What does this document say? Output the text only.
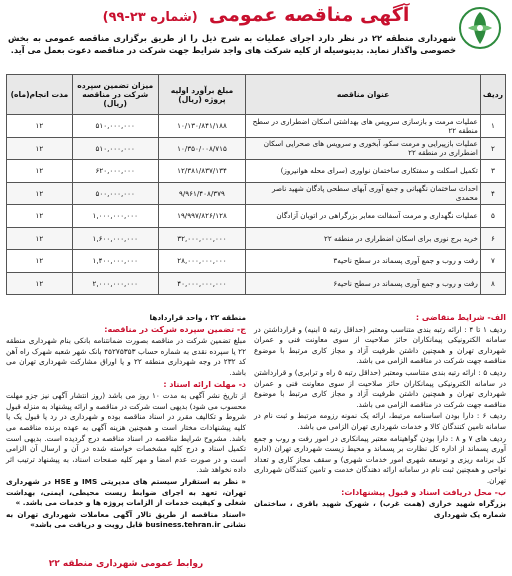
آگهی مناقصه عمومی (شماره ۲۳-۹۹)
شهرداری منطقه ۲۲ در نظر دارد اجرای عملیات به شرح ذیل را از طریق برگزاری مناقصه عمومی به بخش خصوصی واگذار نماید. بدینوسیله از کلیه شرکت های واجد شرایط جهت شرکت در مناقصه دعوت بعمل می آید.
ردیف	عنوان مناقصه	مبلغ برآورد اولیه پروژه (ریال)	میزان تضمین سپرده شرکت در مناقصه (ریال)	مدت انجام(ماه)
۱	عملیات مرمت و بازسازی سرویس های بهداشتی اسکان اضطراری در سطح منطقه ۲۲	۱۰/۱۳۰/۸۴۱/۱۸۸	۵۱۰,۰۰۰,۰۰۰	۱۲
۲	عملیات بازپیرایی و مرمت سکو، آبخوری و سرویس های صحرایی اسکان اضطراری در منطقه ۲۲	۱۰/۳۵۰/۰۰۸/۷۱۵	۵۱۰,۰۰۰,۰۰۰	۱۲
۳	تکمیل اسکلت و سفتکاری ساختمان نواوری (سرای محله هوانیروز)	۱۲/۳۸۱/۸۳۷/۱۳۴	۶۲۰,۰۰۰,۰۰۰	۱۲
۴	احداث ساختمان نگهبانی و جمع آوری آبهای سطحی پادگان شهید ناصر محمدی	۹/۹۶۱/۴۰۸/۳۷۹	۵۰۰,۰۰۰,۰۰۰	۱۲
۵	عملیات نگهداری و مرمت آسفالت معابر بزرگراهی در اتوبان آزادگان	۱۹/۹۹۷/۸۲۶/۱۲۸	۱,۰۰۰,۰۰۰,۰۰۰	۱۲
۶	خرید برج نوری برای اسکان اضطراری در منطقه ۲۲	۳۲,۰۰۰,۰۰۰,۰۰۰	۱,۶۰۰,۰۰۰,۰۰۰	۱۲
۷	رفت و روب و جمع آوری پسماند در سطح ناحیه۳	۲۸,۰۰۰,۰۰۰,۰۰۰	۱,۴۰۰,۰۰۰,۰۰۰	۱۲
۸	رفت و روب و جمع آوری پسماند در سطح ناحیه۶	۴۰,۰۰۰,۰۰۰,۰۰۰	۲,۰۰۰,۰۰۰,۰۰۰	۱۲
الف- شرایط متقاضی :
ردیف ۱ تا ۴ : ارائه رتبه بندی متناسب ومعتبر (حداقل رتبه ۵ ابنیه) و قرارداشتن در سامانه الکترونیکی پیمانکاران حائز صلاحیت از سوی معاونت فنی و عمران شهرداری تهران و همچنین داشتن ظرفیت آزاد و مجاز کاری مرتبط با موضوع مناقصه جهت شرکت در مناقصه الزامی می باشد.
ردیف ۵ : ارائه رتبه بندی متناسب ومعتبر (حداقل رتبه ۵ راه و ترابری) و قرارداشتن در سامانه الکترونیکی پیمانکاران حائز صلاحیت از سوی معاونت فنی و عمران شهرداری تهران و همچنین داشتن ظرفیت آزاد و مجاز کاری مرتبط با موضوع مناقصه جهت شرکت در مناقصه الزامی می باشد.
ردیف ۶ : دارا بودن اساسنامه مرتبط، ارائه یک نمونه رزومه مرتبط و ثبت نام در سامانه تامین کنندگان کالا و خدمات شهرداری تهران الزامی می باشد.
ردیف های ۷ و ۸ : دارا بودن گواهینامه معتبر پیمانکاری در امور رفت و روب و جمع آوری پسماند از اداره کل نظارت بر پسماند و محیط زیست شهرداری تهران (اداره کل برنامه ریزی و توسعه شهری امور خدمات شهری) و سقف مجاز کاری و تعداد نواحی و همچنین ثبت نام در سامانه ارائه دهندگان خدمت و تامین کنندگان شهرداری تهران.
ب- محل دریافت اسناد و قبول پیشنهادات:
بزرگراه شهید خرازی (همت غرب) ، شهرک شهید باقری ، ساختمان شماره یک شهرداری
منطقه ۲۲ ، واحد قراردادها
ج- تضمین سپرده شرکت در مناقصه:
مبلغ تضمین شرکت در مناقصه بصورت ضمانتنامه بانکی بنام شهرداری منطقه ۲۲ یا سپرده نقدی به شماره حساب ۴۵۲۷۵۳۵۳ بانک شهر شعبه شهرک راه آهن کد ۲۳۲ در وجه شهرداری منطقه ۲۲ و یا اوراق مشارکت شهرداری تهران می باشد.
د- مهلت ارائه اسناد :
از تاریخ نشر آگهی به مدت ۱۰ روز می باشد (روز انتشار آگهی نیز جزو مهلت محسوب می شود) بدیهی است شرکت در مناقصه و ارائه پیشنهاد به منزله قبول شروط و تکالیف مقرر در اسناد مناقصه بوده و شهرداری در رد یا قبول یک یا کلیه پیشنهادات مختار است و همچنین هزینه آگهی به عهده برنده مناقصه می باشد. مشروح شرایط مناقصه در اسناد مناقصه درج گردیده است. بدیهی است تکمیل اسناد و درج کلیه مشخصات خواسته شده در آن و ارسال آن الزامی است و در صورت عدم امضا و مهر کلیه صفحات اسناد، به پیشنهاد ترتیب اثر داده نخواهد شد.
« نظر به استقرار سیستم های مدیریتی IMS و HSE در شهرداری تهران، تعهد به اجرای ضوابط زیست محیطی، ایمنی، بهداشت شغلی و کیفیت خدمات از الزامات پروژه ها و خدمات می باشد. »
«اسناد مناقصه از طریق تالار آگهی معاملات شهرداری تهران به نشانی business.tehran.ir قابل رویت و دریافت می باشد»
روابط عمومی شهرداری منطقه ۲۲
